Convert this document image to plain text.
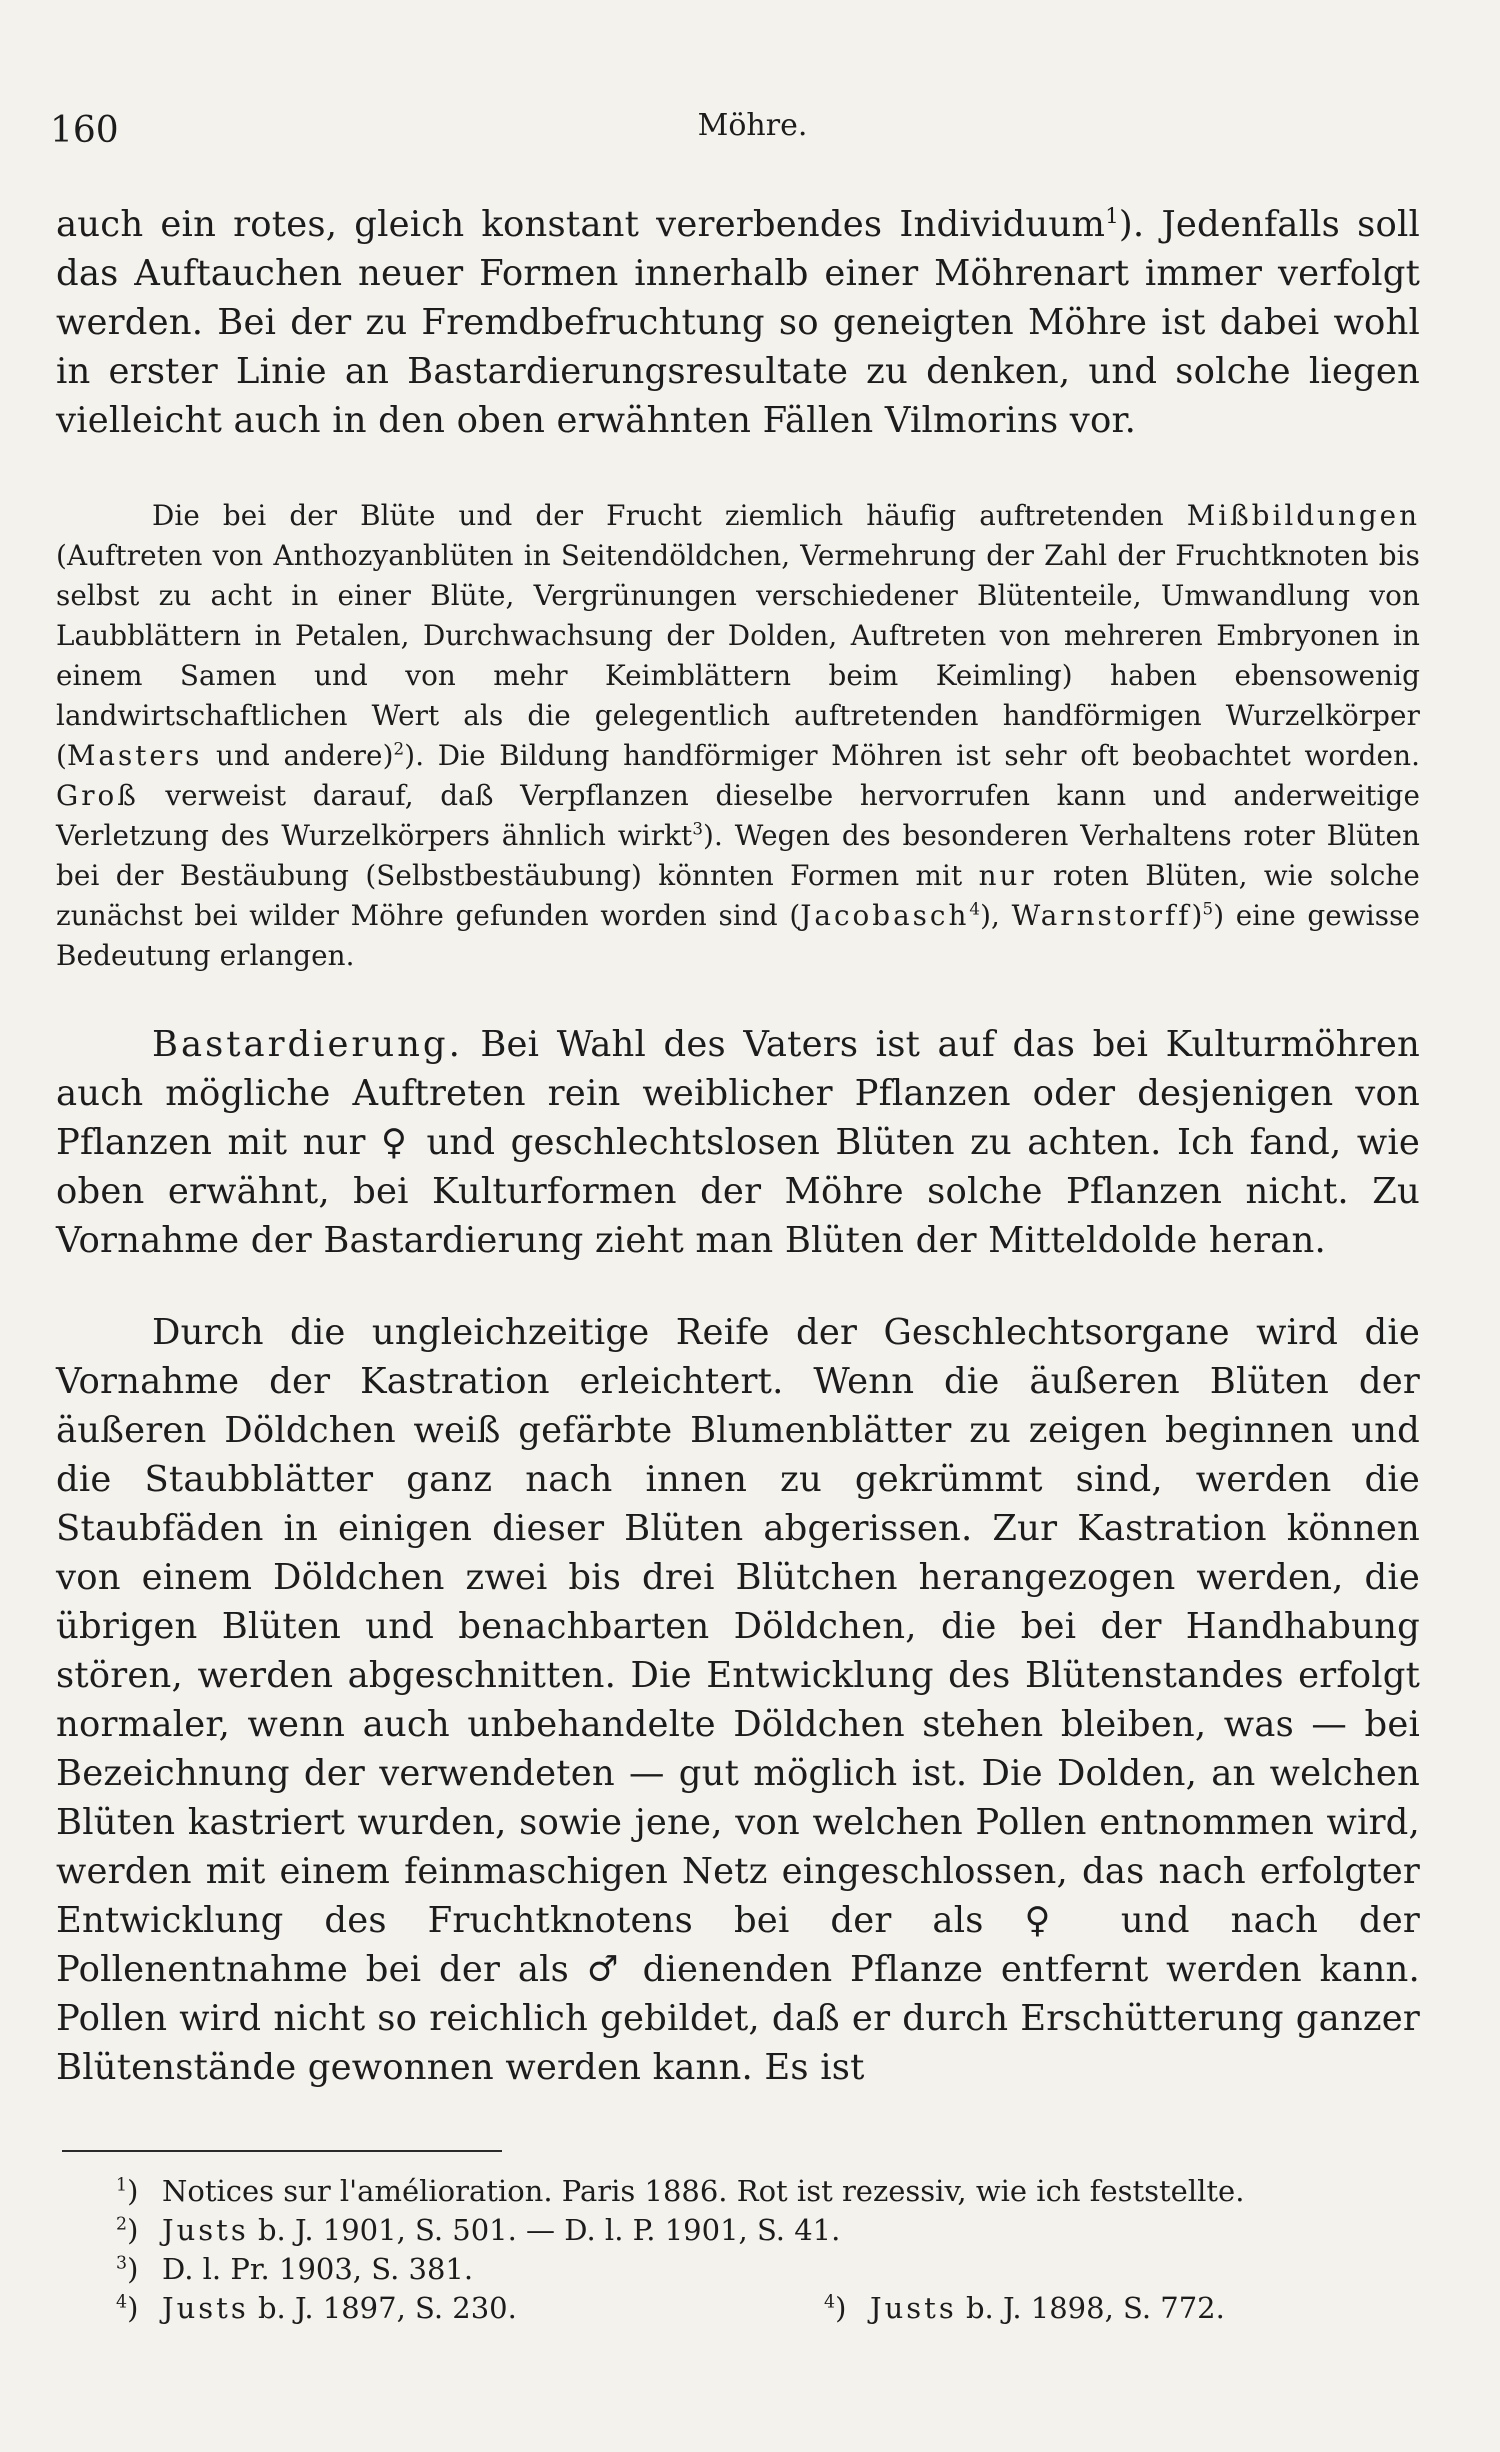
160	Möhre.

auch ein rotes, gleich konstant vererbendes Individuum$^1$). Jedenfalls soll das Auftauchen neuer Formen innerhalb einer Möhrenart immer verfolgt werden. Bei der zu Fremdbefruchtung so geneigten Möhre ist dabei wohl in erster Linie an Bastardierungsresultate zu denken, und solche liegen vielleicht auch in den oben erwähnten Fällen Vilmorins vor.

Die bei der Blüte und der Frucht ziemlich häufig auftretenden Mißbildungen (Auftreten von Anthozyanblüten in Seitendöldchen, Vermehrung der Zahl der Fruchtknoten bis selbst zu acht in einer Blüte, Vergrünungen verschiedener Blütenteile, Umwandlung von Laubblättern in Petalen, Durchwachsung der Dolden, Auftreten von mehreren Embryonen in einem Samen und von mehr Keimblättern beim Keimling) haben ebensowenig landwirtschaftlichen Wert als die gelegentlich auftretenden handförmigen Wurzelkörper (Masters und andere)$^2$). Die Bildung handförmiger Möhren ist sehr oft beobachtet worden. Groß verweist darauf, daß Verpflanzen dieselbe hervorrufen kann und anderweitige Verletzung des Wurzelkörpers ähnlich wirkt$^3$). Wegen des besonderen Verhaltens roter Blüten bei der Bestäubung (Selbstbestäubung) könnten Formen mit nur roten Blüten, wie solche zunächst bei wilder Möhre gefunden worden sind (Jacobasch$^4$), Warnstorff)$^5$) eine gewisse Bedeutung erlangen.

Bastardierung. Bei Wahl des Vaters ist auf das bei Kulturmöhren auch mögliche Auftreten rein weiblicher Pflanzen oder desjenigen von Pflanzen mit nur ♀ und geschlechtslosen Blüten zu achten. Ich fand, wie oben erwähnt, bei Kulturformen der Möhre solche Pflanzen nicht. Zu Vornahme der Bastardierung zieht man Blüten der Mitteldolde heran.

Durch die ungleichzeitige Reife der Geschlechtsorgane wird die Vornahme der Kastration erleichtert. Wenn die äußeren Blüten der äußeren Döldchen weiß gefärbte Blumenblätter zu zeigen beginnen und die Staubblätter ganz nach innen zu gekrümmt sind, werden die Staubfäden in einigen dieser Blüten abgerissen. Zur Kastration können von einem Döldchen zwei bis drei Blütchen herangezogen werden, die übrigen Blüten und benachbarten Döldchen, die bei der Handhabung stören, werden abgeschnitten. Die Entwicklung des Blütenstandes erfolgt normaler, wenn auch unbehandelte Döldchen stehen bleiben, was — bei Bezeichnung der verwendeten — gut möglich ist. Die Dolden, an welchen Blüten kastriert wurden, sowie jene, von welchen Pollen entnommen wird, werden mit einem feinmaschigen Netz eingeschlossen, das nach erfolgter Entwicklung des Fruchtknotens bei der als ♀ und nach der Pollenentnahme bei der als ♂ dienenden Pflanze entfernt werden kann. Pollen wird nicht so reichlich gebildet, daß er durch Erschütterung ganzer Blütenstände gewonnen werden kann. Es ist

$^1$) Notices sur l'amélioration. Paris 1886. Rot ist rezessiv, wie ich feststellte.
$^2$) Justs b. J. 1901, S. 501. — D. l. P. 1901, S. 41.
$^3$) D. l. Pr. 1903, S. 381.
$^4$) Justs b. J. 1897, S. 230.	$^4$) Justs b. J. 1898, S. 772.
